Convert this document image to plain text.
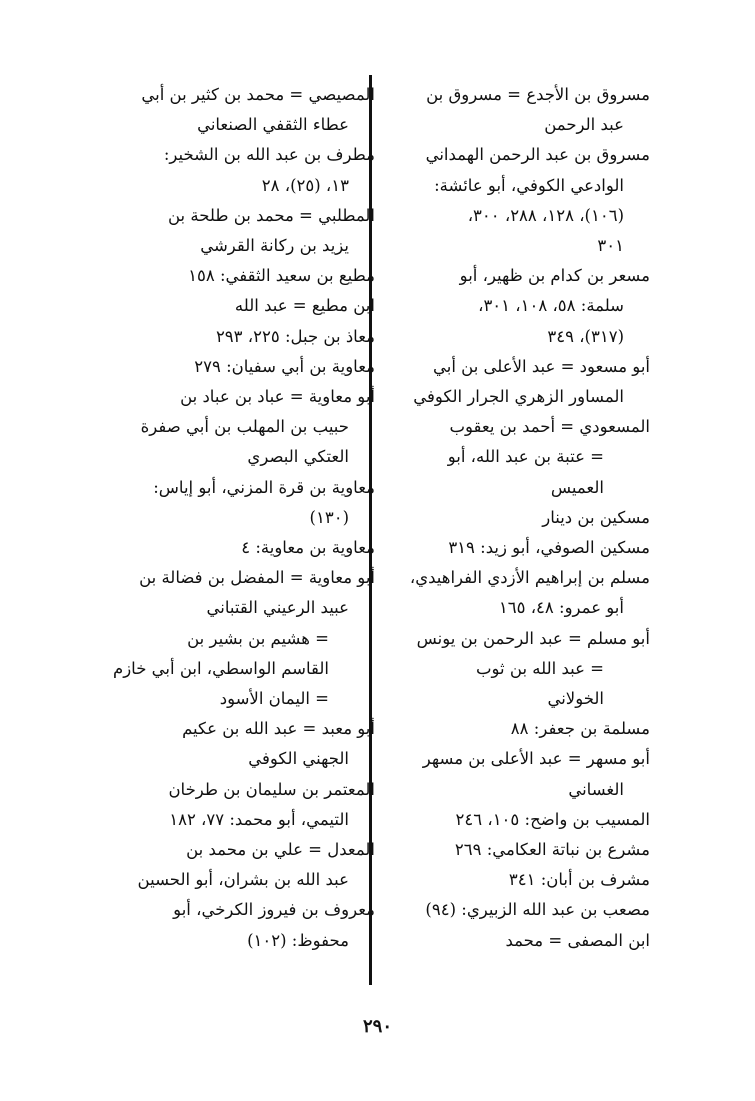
مسروق بن الأجدع = مسروق بن
عبد الرحمن
مسروق بن عبد الرحمن الهمداني
الوادعي الكوفي، أبو عائشة:
(١٠٦)، ١٢٨، ٢٨٨، ٣٠٠،
٣٠١
مسعر بن كدام بن ظهير، أبو
سلمة: ٥٨، ١٠٨، ٣٠١،
(٣١٧)، ٣٤٩
أبو مسعود = عبد الأعلى بن أبي
المساور الزهري الجرار الكوفي
المسعودي = أحمد بن يعقوب
= عتبة بن عبد الله، أبو
العميس
مسكين بن دينار
مسكين الصوفي، أبو زيد: ٣١٩
مسلم بن إبراهيم الأزدي الفراهيدي،
أبو عمرو: ٤٨، ١٦٥
أبو مسلم = عبد الرحمن بن يونس
= عبد الله بن ثوب
الخولاني
مسلمة بن جعفر: ٨٨
أبو مسهر = عبد الأعلى بن مسهر
الغساني
المسيب بن واضح: ١٠٥، ٢٤٦
مشرع بن نباتة العكامي: ٢٦٩
مشرف بن أبان: ٣٤١
مصعب بن عبد الله الزبيري: (٩٤)
ابن المصفى = محمد
المصيصي = محمد بن كثير بن أبي
عطاء الثقفي الصنعاني
مطرف بن عبد الله بن الشخير:
١٣، (٢٥)، ٢٨
المطلبي = محمد بن طلحة بن
يزيد بن ركانة القرشي
مطيع بن سعيد الثقفي: ١٥٨
ابن مطيع = عبد الله
معاذ بن جبل: ٢٢٥، ٢٩٣
معاوية بن أبي سفيان: ٢٧٩
أبو معاوية = عباد بن عباد بن
حبيب بن المهلب بن أبي صفرة
العتكي البصري
معاوية بن قرة المزني، أبو إياس:
(١٣٠)
معاوية بن معاوية: ٤
أبو معاوية = المفضل بن فضالة بن
عبيد الرعيني القتباني
= هشيم بن بشير بن
القاسم الواسطي، ابن أبي خازم
= اليمان الأسود
أبو معبد = عبد الله بن عكيم
الجهني الكوفي
المعتمر بن سليمان بن طرخان
التيمي، أبو محمد: ٧٧، ١٨٢
المعدل = علي بن محمد بن
عبد الله بن بشران، أبو الحسين
معروف بن فيروز الكرخي، أبو
محفوظ: (١٠٢)
٢٩٠
